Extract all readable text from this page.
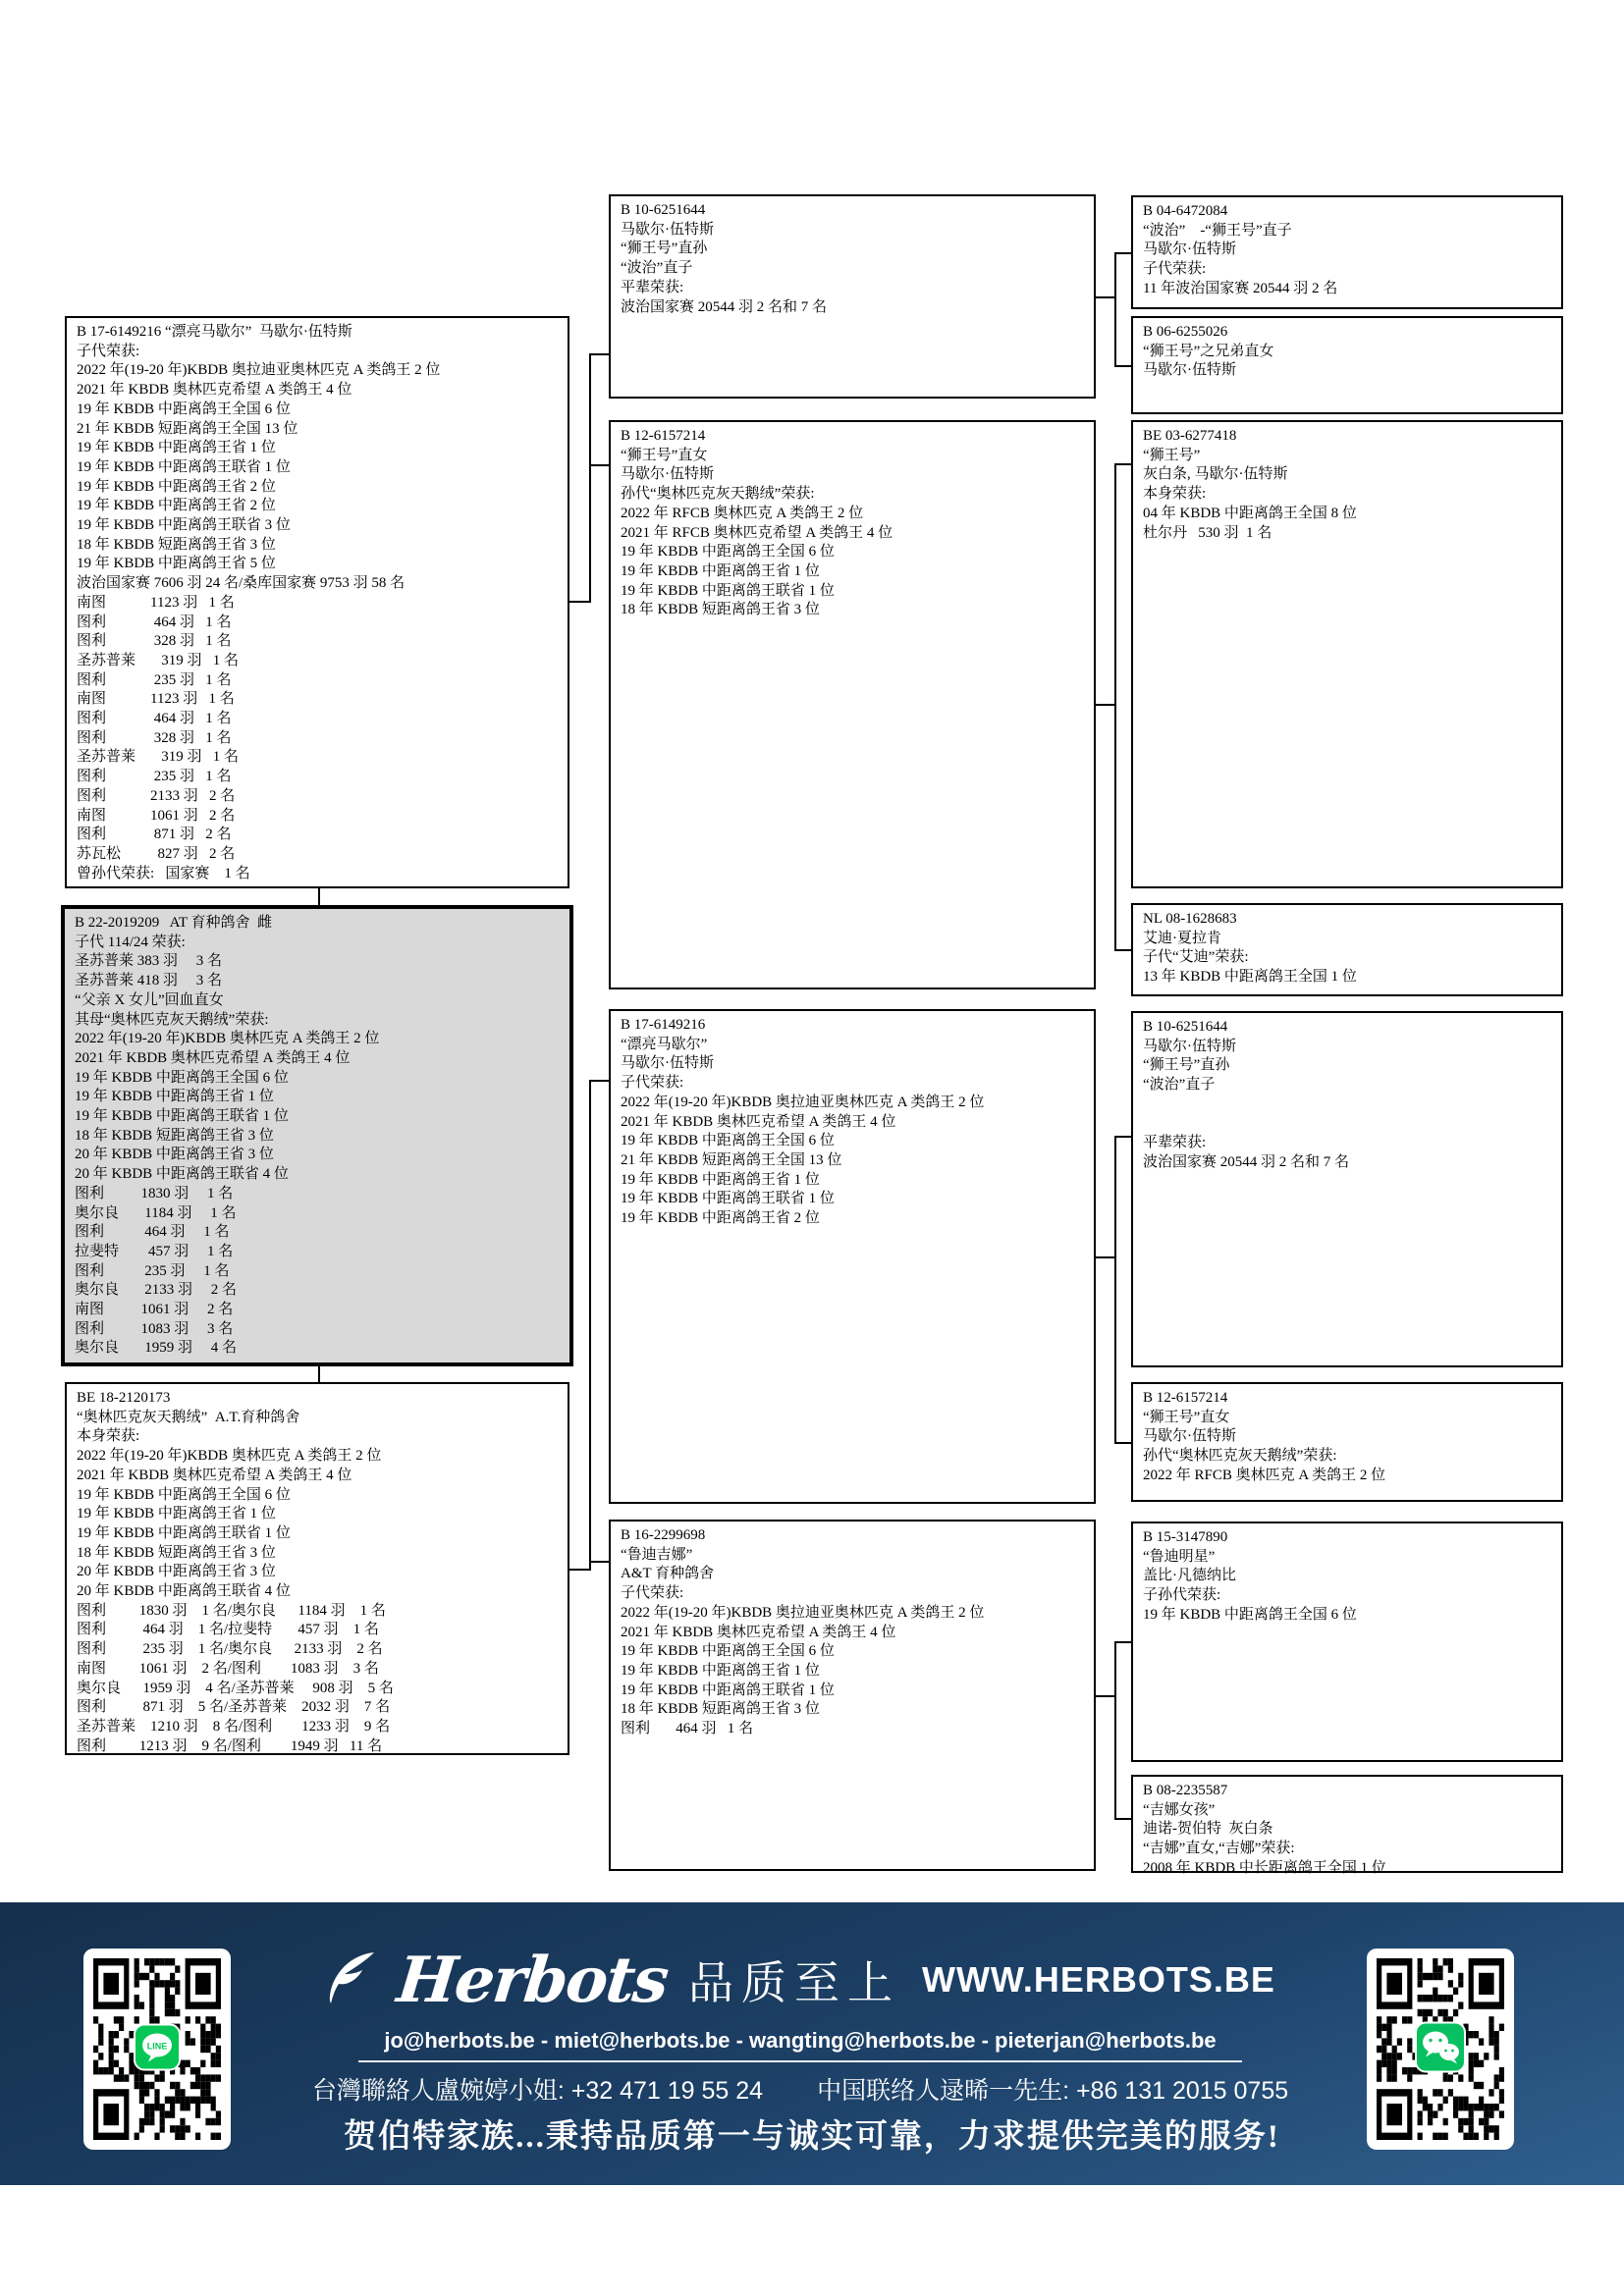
B 17-6149216 “漂亮马歇尔”  马歇尔·伍特斯
子代荣获:
2022 年(19-20 年)KBDB 奥拉迪亚奥林匹克 A 类鸽王 2 位
2021 年 KBDB 奥林匹克希望 A 类鸽王 4 位
19 年 KBDB 中距离鸽王全国 6 位
21 年 KBDB 短距离鸽王全国 13 位
19 年 KBDB 中距离鸽王省 1 位
19 年 KBDB 中距离鸽王联省 1 位
19 年 KBDB 中距离鸽王省 2 位
19 年 KBDB 中距离鸽王省 2 位
19 年 KBDB 中距离鸽王联省 3 位
18 年 KBDB 短距离鸽王省 3 位
19 年 KBDB 中距离鸽王省 5 位
波治国家赛 7606 羽 24 名/桑库国家赛 9753 羽 58 名
南图            1123 羽   1 名
图利             464 羽   1 名
图利             328 羽   1 名
圣苏普莱       319 羽   1 名
图利             235 羽   1 名
南图            1123 羽   1 名
图利             464 羽   1 名
图利             328 羽   1 名
圣苏普莱       319 羽   1 名
图利             235 羽   1 名
图利            2133 羽   2 名
南图            1061 羽   2 名
图利             871 羽   2 名
苏瓦松          827 羽   2 名
曾孙代荣获:   国家赛    1 名
B 22-2019209   AT 育种鸽舍  雌
子代 114/24 荣获:
圣苏普莱 383 羽     3 名
圣苏普莱 418 羽     3 名
“父亲 X 女儿”回血直女
其母“奥林匹克灰天鹅绒”荣获:
2022 年(19-20 年)KBDB 奥林匹克 A 类鸽王 2 位
2021 年 KBDB 奥林匹克希望 A 类鸽王 4 位
19 年 KBDB 中距离鸽王全国 6 位
19 年 KBDB 中距离鸽王省 1 位
19 年 KBDB 中距离鸽王联省 1 位
18 年 KBDB 短距离鸽王省 3 位
20 年 KBDB 中距离鸽王省 3 位
20 年 KBDB 中距离鸽王联省 4 位
图利          1830 羽     1 名
奥尔良       1184 羽     1 名
图利           464 羽     1 名
拉斐特        457 羽     1 名
图利           235 羽     1 名
奥尔良       2133 羽     2 名
南图          1061 羽     2 名
图利          1083 羽     3 名
奥尔良       1959 羽     4 名
BE 18-2120173
“奥林匹克灰天鹅绒”  A.T.育种鸽舍
本身荣获:
2022 年(19-20 年)KBDB 奥林匹克 A 类鸽王 2 位
2021 年 KBDB 奥林匹克希望 A 类鸽王 4 位
19 年 KBDB 中距离鸽王全国 6 位
19 年 KBDB 中距离鸽王省 1 位
19 年 KBDB 中距离鸽王联省 1 位
18 年 KBDB 短距离鸽王省 3 位
20 年 KBDB 中距离鸽王省 3 位
20 年 KBDB 中距离鸽王联省 4 位
图利         1830 羽    1 名/奥尔良      1184 羽    1 名
图利          464 羽    1 名/拉斐特       457 羽    1 名
图利          235 羽    1 名/奥尔良      2133 羽    2 名
南图         1061 羽    2 名/图利        1083 羽    3 名
奥尔良      1959 羽    4 名/圣苏普莱     908 羽    5 名
图利          871 羽    5 名/圣苏普莱    2032 羽    7 名
圣苏普莱    1210 羽    8 名/图利        1233 羽    9 名
图利         1213 羽    9 名/图利        1949 羽   11 名
B 10-6251644
马歇尔·伍特斯
“狮王号”直孙
“波治”直子
平辈荣获:
波治国家赛 20544 羽 2 名和 7 名
B 12-6157214
“狮王号”直女
马歇尔·伍特斯
孙代“奥林匹克灰天鹅绒”荣获:
2022 年 RFCB 奥林匹克 A 类鸽王 2 位
2021 年 RFCB 奥林匹克希望 A 类鸽王 4 位
19 年 KBDB 中距离鸽王全国 6 位
19 年 KBDB 中距离鸽王省 1 位
19 年 KBDB 中距离鸽王联省 1 位
18 年 KBDB 短距离鸽王省 3 位
B 17-6149216
“漂亮马歇尔”
马歇尔·伍特斯
子代荣获:
2022 年(19-20 年)KBDB 奥拉迪亚奥林匹克 A 类鸽王 2 位
2021 年 KBDB 奥林匹克希望 A 类鸽王 4 位
19 年 KBDB 中距离鸽王全国 6 位
21 年 KBDB 短距离鸽王全国 13 位
19 年 KBDB 中距离鸽王省 1 位
19 年 KBDB 中距离鸽王联省 1 位
19 年 KBDB 中距离鸽王省 2 位
B 16-2299698
“鲁迪吉娜”
A&T 育种鸽舍
子代荣获:
2022 年(19-20 年)KBDB 奥拉迪亚奥林匹克 A 类鸽王 2 位
2021 年 KBDB 奥林匹克希望 A 类鸽王 4 位
19 年 KBDB 中距离鸽王全国 6 位
19 年 KBDB 中距离鸽王省 1 位
19 年 KBDB 中距离鸽王联省 1 位
18 年 KBDB 短距离鸽王省 3 位
图利       464 羽   1 名
B 04-6472084
“波治”    -“狮王号”直子
马歇尔·伍特斯
子代荣获:
11 年波治国家赛 20544 羽 2 名
B 06-6255026
“狮王号”之兄弟直女
马歇尔·伍特斯
BE 03-6277418
“狮王号”
灰白条, 马歇尔·伍特斯
本身荣获:
04 年 KBDB 中距离鸽王全国 8 位
杜尔丹   530 羽  1 名
NL 08-1628683
艾迪·夏拉肯
子代“艾迪”荣获:
13 年 KBDB 中距离鸽王全国 1 位
B 10-6251644
马歇尔·伍特斯
“狮王号”直孙
“波治”直子
平辈荣获:
波治国家赛 20544 羽 2 名和 7 名
B 12-6157214
“狮王号”直女
马歇尔·伍特斯
孙代“奥林匹克灰天鹅绒”荣获:
2022 年 RFCB 奥林匹克 A 类鸽王 2 位
B 15-3147890
“鲁迪明星”
盖比·凡德纳比
子孙代荣获:
19 年 KBDB 中距离鸽王全国 6 位
B 08-2235587
“吉娜女孩”
迪诺-贺伯特  灰白条
“吉娜”直女,“吉娜”荣获:
2008 年 KBDB 中长距离鸽王全国 1 位
LINE
Herbots 品质至上 WWW.HERBOTS.BE
jo@herbots.be - miet@herbots.be - wangting@herbots.be - pieterjan@herbots.be
台灣聯絡人盧婉婷小姐: +32 471 19 55 24 中国联络人逯晞一先生: +86 131 2015 0755
贺伯特家族...秉持品质第一与诚实可靠，力求提供完美的服务!
